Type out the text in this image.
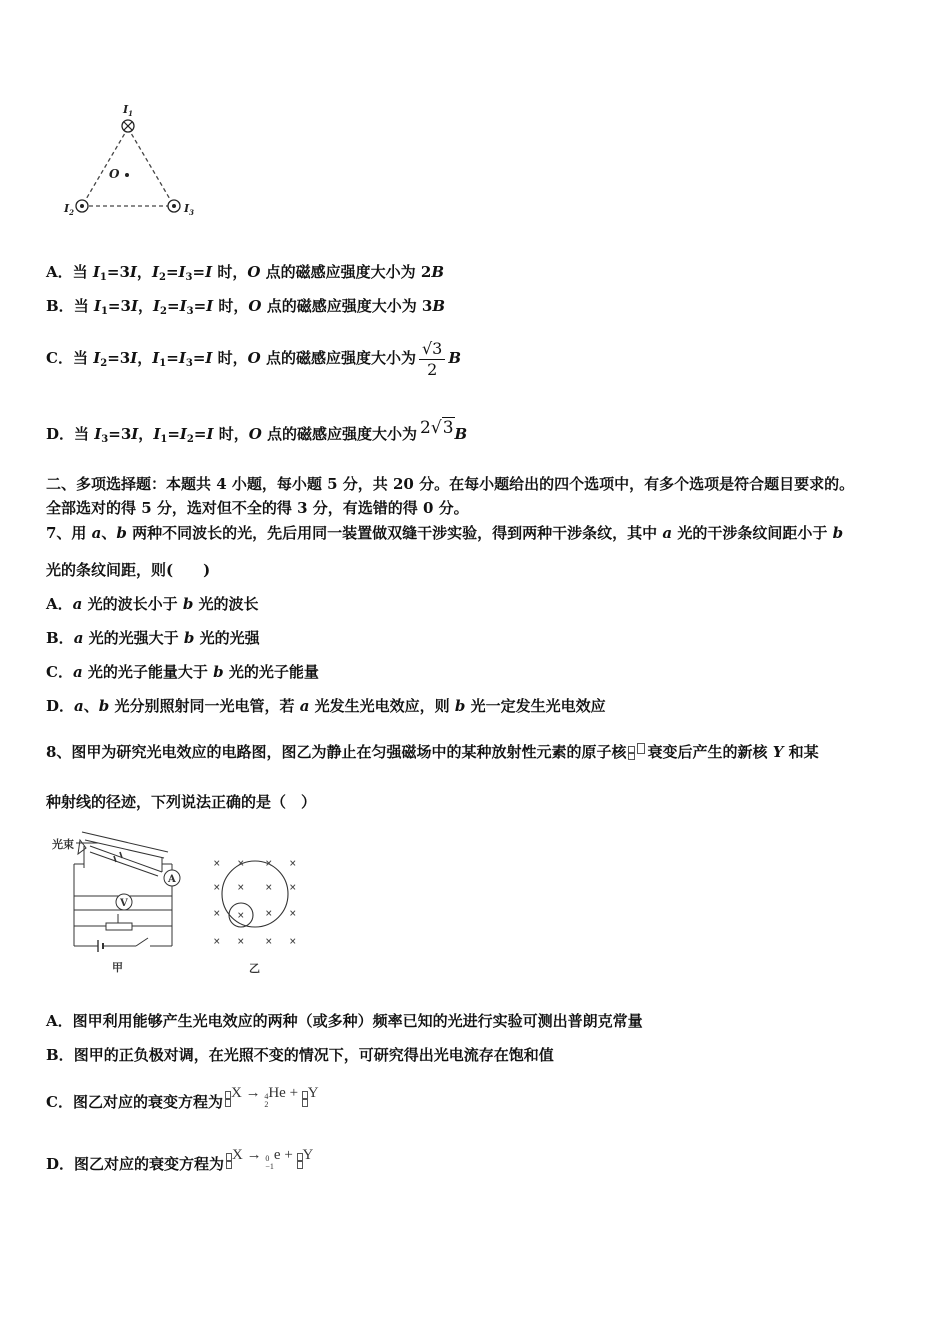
$I_1$
O
$I_2$	$I_3$
A．当 $I_1=3I$，$I_2=I_3=I$ 时，O 点的磁感应强度大小为 2B
B．当 $I_1=3I$，$I_2=I_3=I$ 时，O 点的磁感应强度大小为 3B
C．当 $I_2=3I$，$I_1=I_3=I$ 时，O 点的磁感应强度大小为 $\frac{√3}{2}$ B
D．当 $I_3=3I$，$I_1=I_2=I$ 时，O 点的磁感应强度大小为 2√3B
二、多项选择题：本题共 4 小题，每小题 5 分，共 20 分。在每小题给出的四个选项中，有多个选项是符合题目要求的。
全部选对的得 5 分，选对但不全的得 3 分，有选错的得 0 分。
7、用 a、b 两种不同波长的光，先后用同一装置做双缝干涉实验，得到两种干涉条纹，其中 a 光的干涉条纹间距小于 b
光的条纹间距，则(　　)
A．a 光的波长小于 b 光的波长
B．a 光的光强大于 b 光的光强
C．a 光的光子能量大于 b 光的光子能量
D．a、b 光分别照射同一光电管，若 a 光发生光电效应，则 b 光一定发生光电效应
8、图甲为研究光电效应的电路图，图乙为静止在匀强磁场中的某种放射性元素的原子核 衰变后产生的新核 Y 和某
种射线的径迹，下列说法正确的是（　）
光束
A
V
甲
× × × ×
× × × ×
× × × ×
× × × ×
乙
A．图甲利用能够产生光电效应的两种（或多种）频率已知的光进行实验可测出普朗克常量
B．图甲的正负极对调，在光照不变的情况下，可研究得出光电流存在饱和值
C．图乙对应的衰变方程为 X → 4
2
He + Y
D．图乙对应的衰变方程为 X → 0
−1
e + Y
